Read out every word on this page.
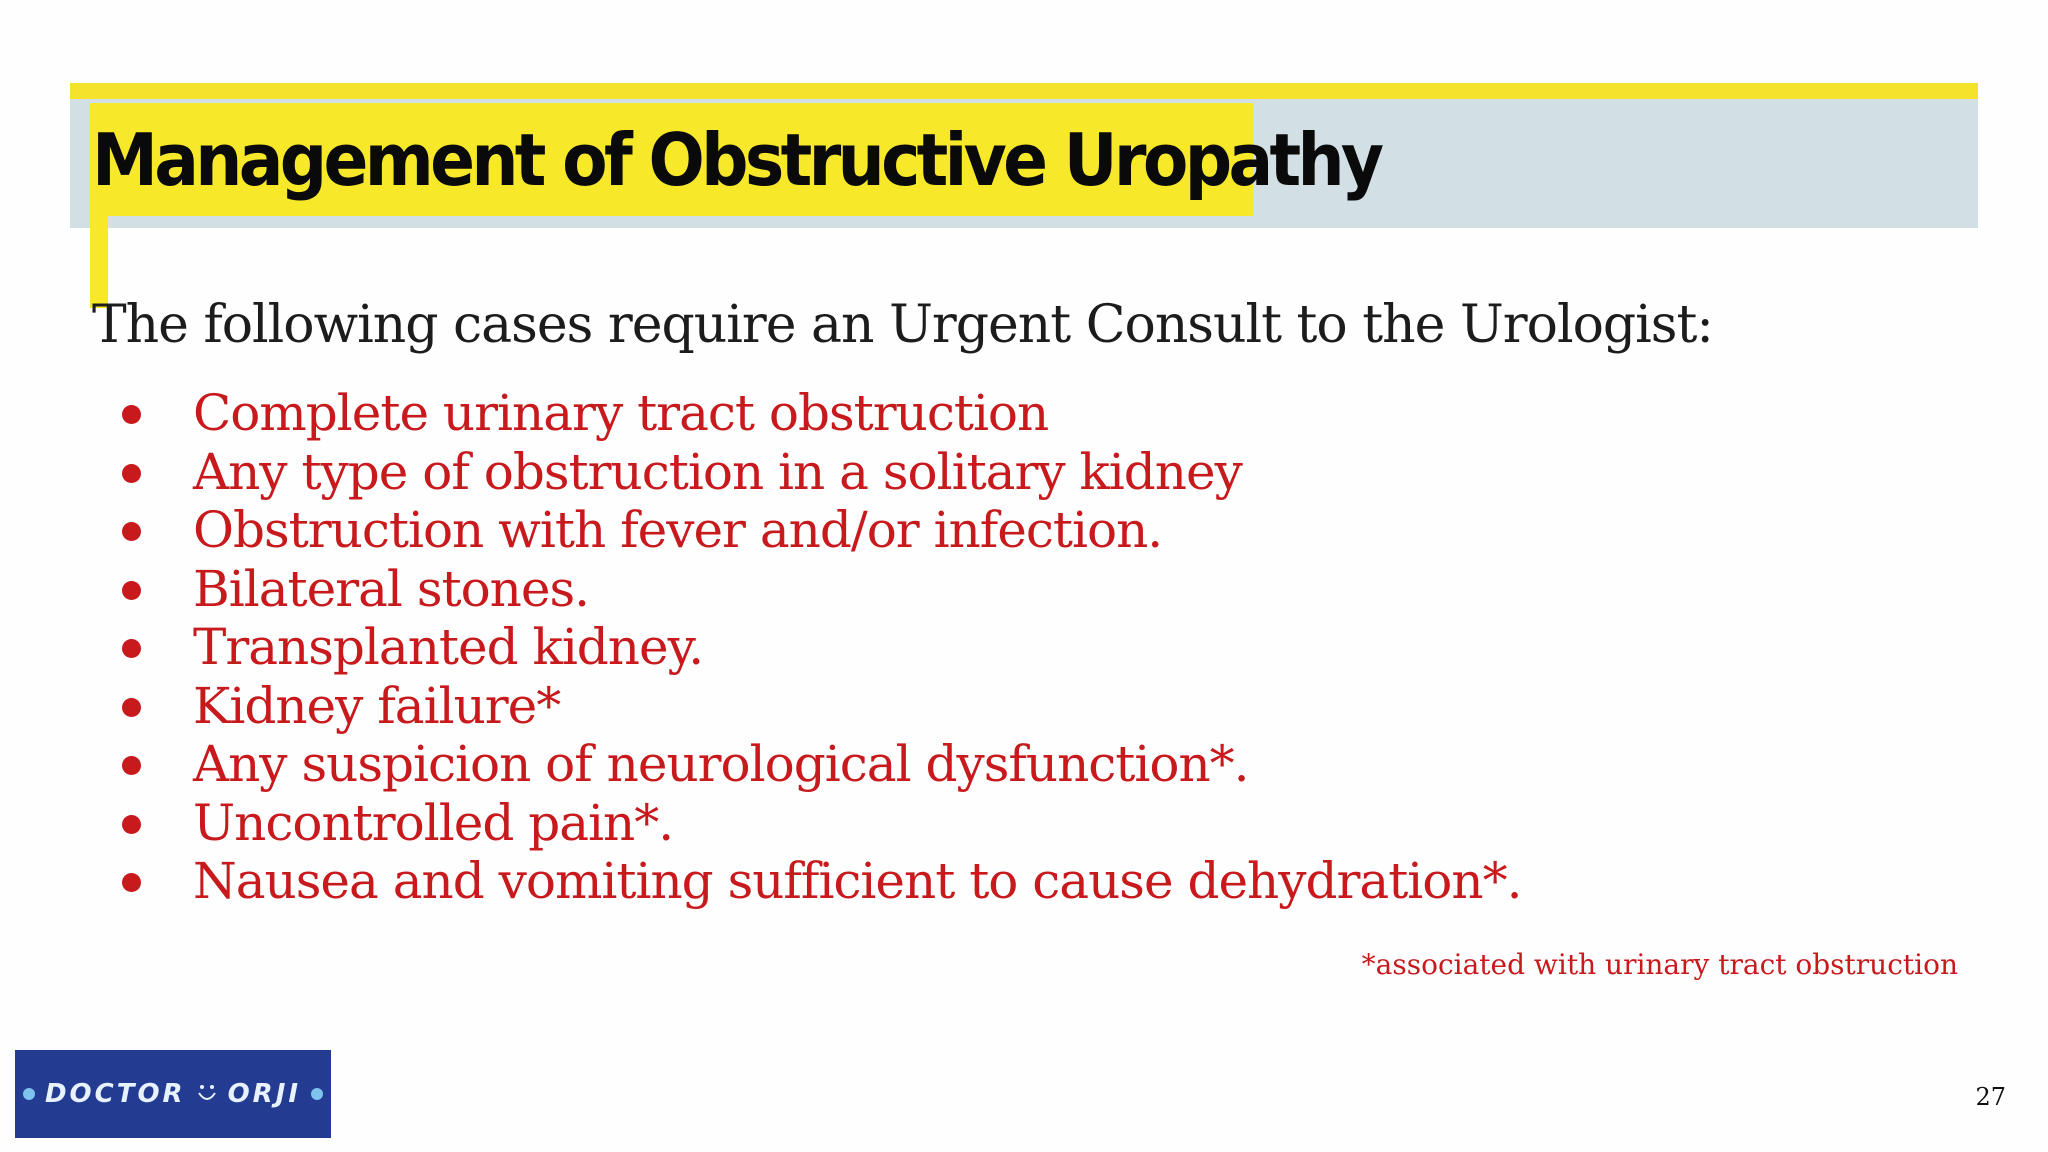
Management of Obstructive Uropathy

The following cases require an Urgent Consult to the Urologist:

Complete urinary tract obstruction
Any type of obstruction in a solitary kidney
Obstruction with fever and/or infection.
Bilateral stones.
Transplanted kidney.
Kidney failure*
Any suspicion of neurological dysfunction*.
Uncontrolled pain*.
Nausea and vomiting sufficient to cause dehydration*.

*associated with urinary tract obstruction

DOCTOR ORJI	27
